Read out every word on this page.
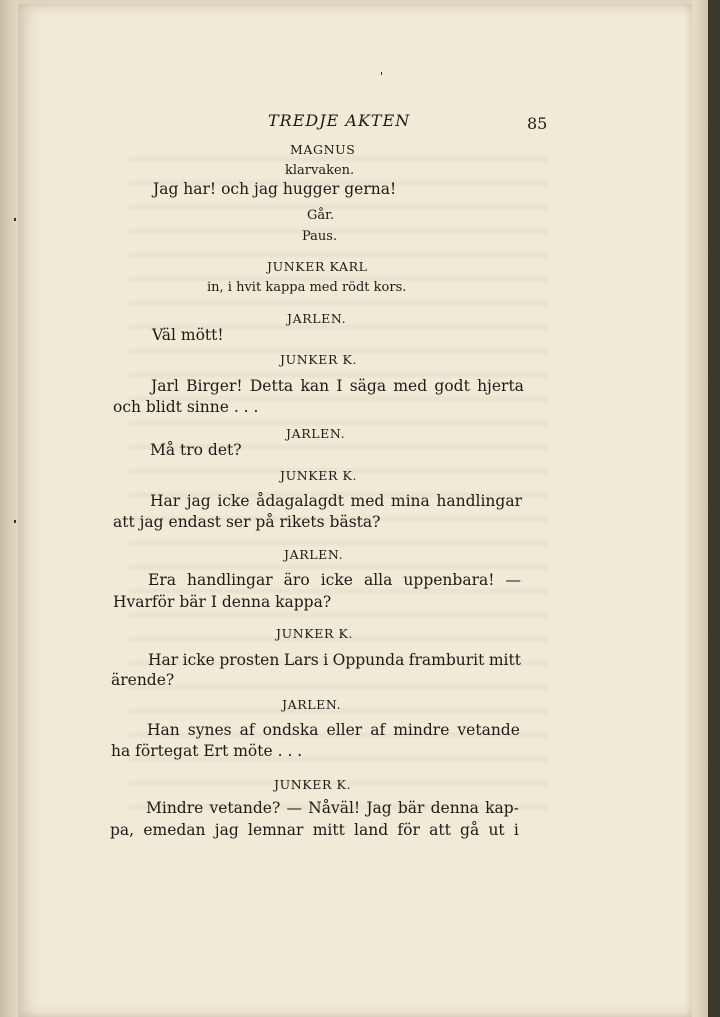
TREDJE AKTEN	85
MAGNUS
klarvaken.
Jag har! och jag hugger gerna!
Går.
Paus.
JUNKER KARL
in, i hvit kappa med rödt kors.
JARLEN.
Väl mött!
JUNKER K.
Jarl Birger! Detta kan I säga med godt hjerta
och blidt sinne . . .
JARLEN.
Må tro det?
JUNKER K.
Har jag icke ådagalagdt med mina handlingar
att jag endast ser på rikets bästa?
JARLEN.
Era handlingar äro icke alla uppenbara! —
Hvarför bär I denna kappa?
JUNKER K.
Har icke prosten Lars i Oppunda framburit mitt
ärende?
JARLEN.
Han synes af ondska eller af mindre vetande
ha förtegat Ert möte . . .
JUNKER K.
Mindre vetande? — Nåväl! Jag bär denna kap-
pa, emedan jag lemnar mitt land för att gå ut i
